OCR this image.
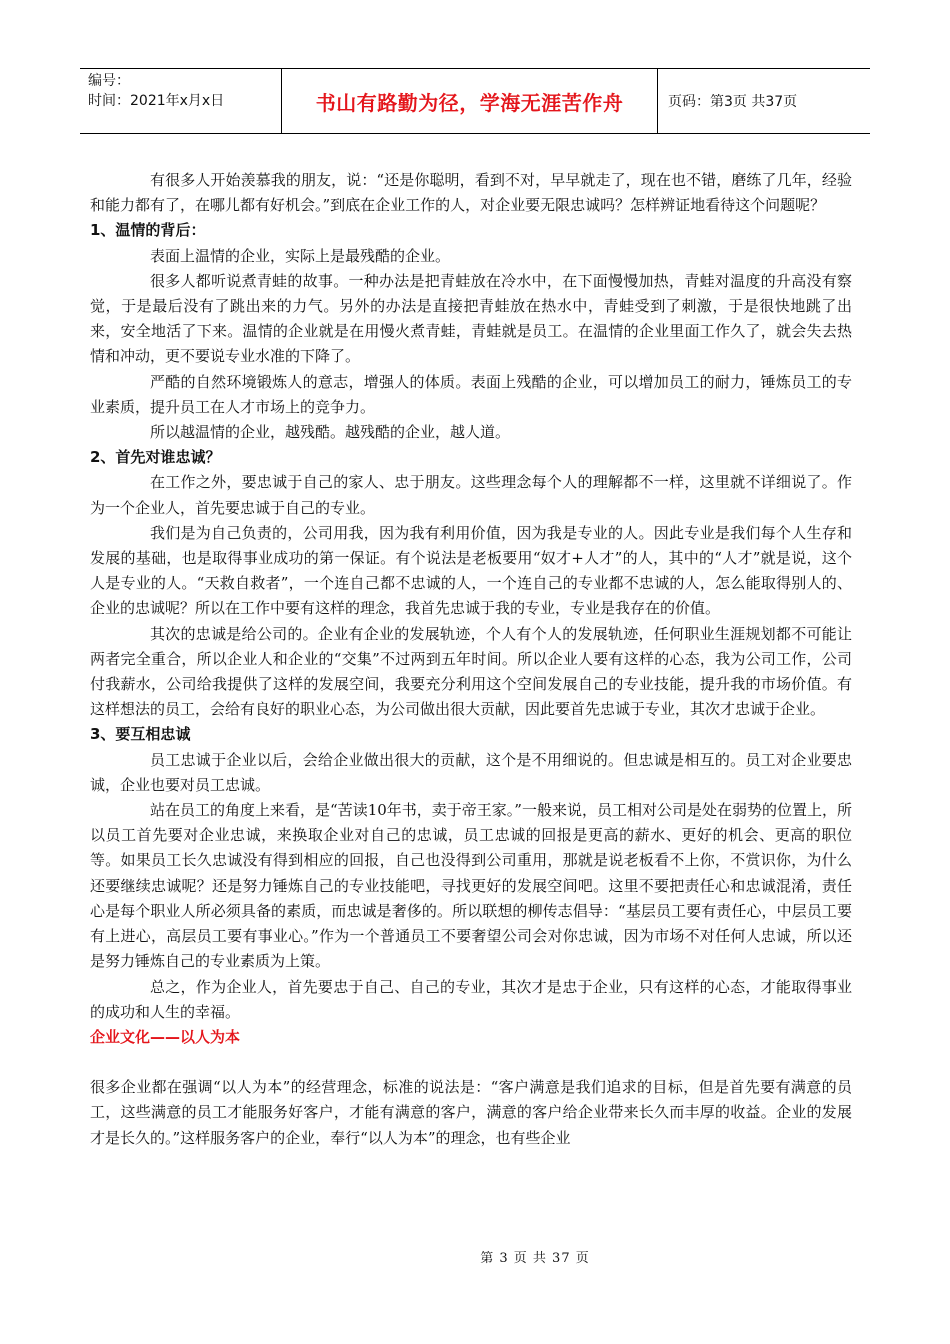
编号：
时间：2021年x月x日	书山有路勤为径，学海无涯苦作舟	页码：第3页 共37页

有很多人开始羡慕我的朋友，说：“还是你聪明，看到不对，早早就走了，现在也不错，磨练了几年，经验和能力都有了，在哪儿都有好机会。”到底在企业工作的人，对企业要无限忠诚吗？怎样辨证地看待这个问题呢？

1、温情的背后：

表面上温情的企业，实际上是最残酷的企业。

很多人都听说煮青蛙的故事。一种办法是把青蛙放在冷水中，在下面慢慢加热，青蛙对温度的升高没有察觉，于是最后没有了跳出来的力气。另外的办法是直接把青蛙放在热水中，青蛙受到了刺激，于是很快地跳了出来，安全地活了下来。温情的企业就是在用慢火煮青蛙，青蛙就是员工。在温情的企业里面工作久了，就会失去热情和冲动，更不要说专业水准的下降了。

严酷的自然环境锻炼人的意志，增强人的体质。表面上残酷的企业，可以增加员工的耐力，锤炼员工的专业素质，提升员工在人才市场上的竞争力。

所以越温情的企业，越残酷。越残酷的企业，越人道。

2、首先对谁忠诚？

在工作之外，要忠诚于自己的家人、忠于朋友。这些理念每个人的理解都不一样，这里就不详细说了。作为一个企业人，首先要忠诚于自己的专业。

我们是为自己负责的，公司用我，因为我有利用价值，因为我是专业的人。因此专业是我们每个人生存和发展的基础，也是取得事业成功的第一保证。有个说法是老板要用“奴才+人才”的人，其中的“人才”就是说，这个人是专业的人。“天救自救者”，一个连自己都不忠诚的人，一个连自己的专业都不忠诚的人，怎么能取得别人的、企业的忠诚呢？所以在工作中要有这样的理念，我首先忠诚于我的专业，专业是我存在的价值。

其次的忠诚是给公司的。企业有企业的发展轨迹，个人有个人的发展轨迹，任何职业生涯规划都不可能让两者完全重合，所以企业人和企业的“交集”不过两到五年时间。所以企业人要有这样的心态，我为公司工作，公司付我薪水，公司给我提供了这样的发展空间，我要充分利用这个空间发展自己的专业技能，提升我的市场价值。有这样想法的员工，会给有良好的职业心态，为公司做出很大贡献，因此要首先忠诚于专业，其次才忠诚于企业。

3、要互相忠诚

员工忠诚于企业以后，会给企业做出很大的贡献，这个是不用细说的。但忠诚是相互的。员工对企业要忠诚，企业也要对员工忠诚。

站在员工的角度上来看，是“苦读10年书，卖于帝王家。”一般来说，员工相对公司是处在弱势的位置上，所以员工首先要对企业忠诚，来换取企业对自己的忠诚，员工忠诚的回报是更高的薪水、更好的机会、更高的职位等。如果员工长久忠诚没有得到相应的回报，自己也没得到公司重用，那就是说老板看不上你，不赏识你，为什么还要继续忠诚呢？还是努力锤炼自己的专业技能吧，寻找更好的发展空间吧。这里不要把责任心和忠诚混淆，责任心是每个职业人所必须具备的素质，而忠诚是奢侈的。所以联想的柳传志倡导：“基层员工要有责任心，中层员工要有上进心，高层员工要有事业心。”作为一个普通员工不要奢望公司会对你忠诚，因为市场不对任何人忠诚，所以还是努力锤炼自己的专业素质为上策。

总之，作为企业人，首先要忠于自己、自己的专业，其次才是忠于企业，只有这样的心态，才能取得事业的成功和人生的幸福。

企业文化——以人为本

很多企业都在强调“以人为本”的经营理念，标准的说法是：“客户满意是我们追求的目标，但是首先要有满意的员工，这些满意的员工才能服务好客户，才能有满意的客户，满意的客户给企业带来长久而丰厚的收益。企业的发展才是长久的。”这样服务客户的企业，奉行“以人为本”的理念，也有些企业

第 3 页 共 37 页
